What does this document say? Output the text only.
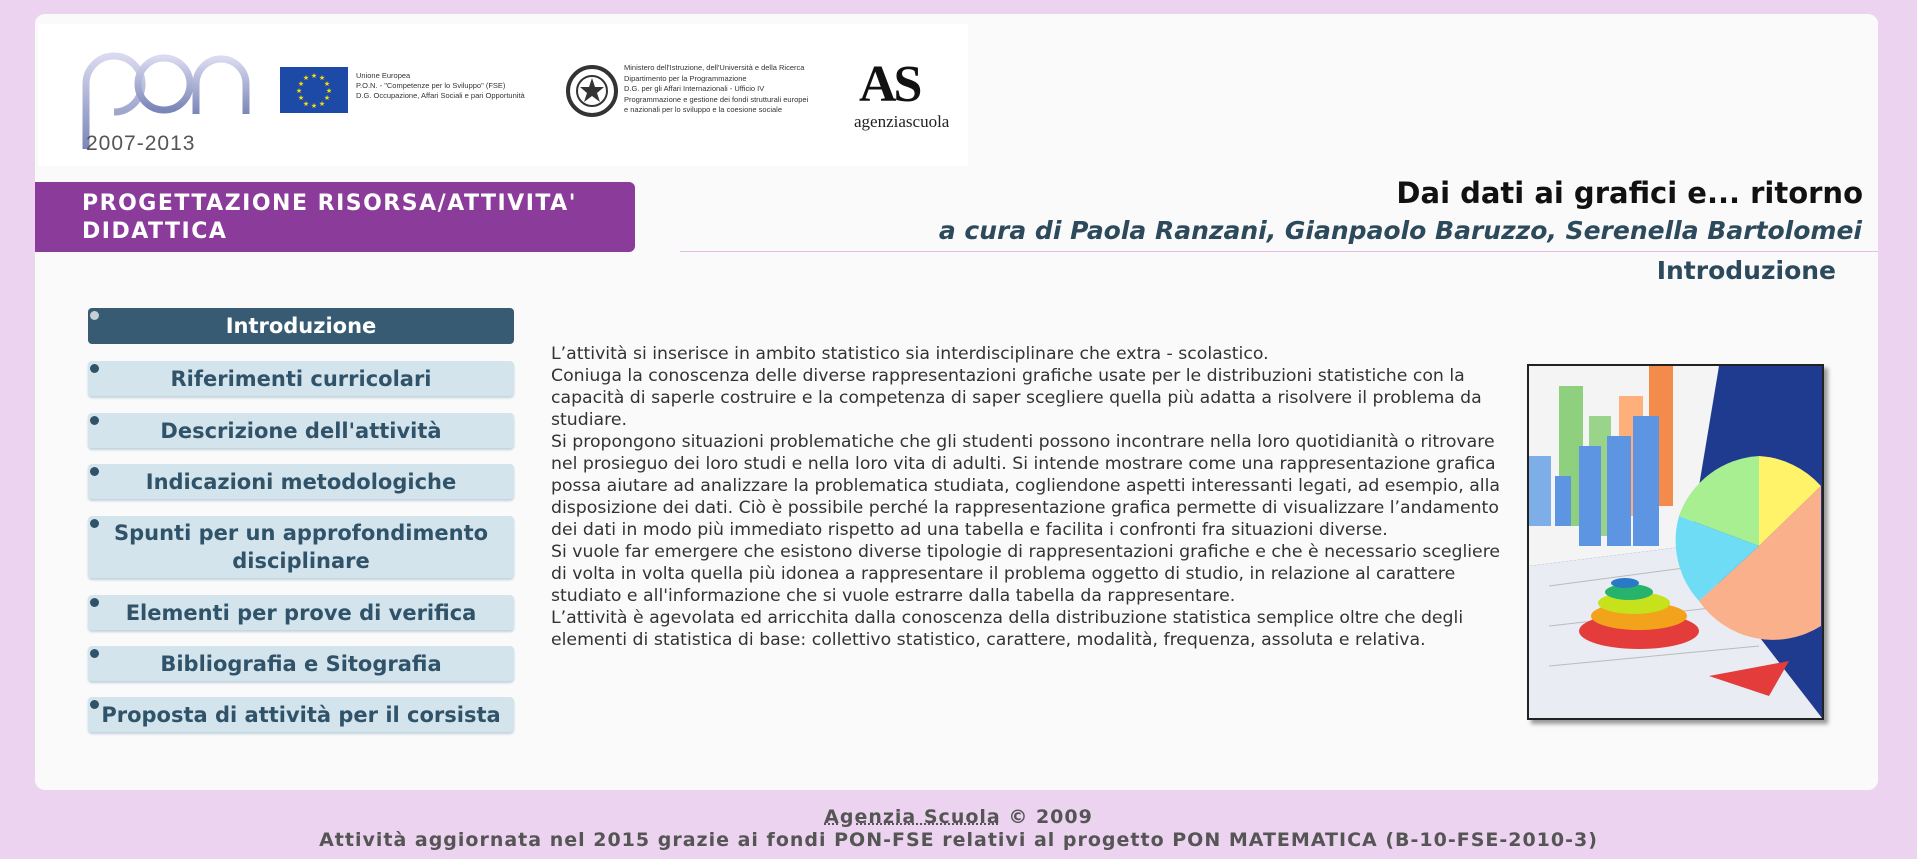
2007-2013
★ ★
★
★
★
★
★
★
★
★
★
★	Unione Europea
P.O.N. - "Competenze per lo Sviluppo" (FSE)
D.G. Occupazione, Affari Sociali e pari Opportunità
Ministero dell'Istruzione, dell'Università e della Ricerca
Dipartimento per la Programmazione
D.G. per gli Affari Internazionali - Ufficio IV
Programmazione e gestione dei fondi strutturali europei
e nazionali per lo sviluppo e la coesione sociale	AS
agenziascuola
PROGETTAZIONE RISORSA/ATTIVITA' DIDATTICA
Dai dati ai grafici e... ritorno
a cura di Paola Ranzani, Gianpaolo Baruzzo, Serenella Bartolomei
Introduzione
Introduzione
Riferimenti curricolari
Descrizione dell'attività
Indicazioni metodologiche
Spunti per un approfondimento disciplinare
Elementi per prove di verifica
Bibliografia e Sitografia
Proposta di attività per il corsista

L’attività si inserisce in ambito statistico sia interdisciplinare che extra - scolastico.

Coniuga la conoscenza delle diverse rappresentazioni grafiche usate per le distribuzioni statistiche con la capacità di saperle costruire e la competenza di saper scegliere quella più adatta a risolvere il problema da studiare.

Si propongono situazioni problematiche che gli studenti possono incontrare nella loro quotidianità o ritrovare nel prosieguo dei loro studi e nella loro vita di adulti. Si intende mostrare come una rappresentazione grafica possa aiutare ad analizzare la problematica studiata, cogliendone aspetti interessanti legati, ad esempio, alla disposizione dei dati. Ciò è possibile perché la rappresentazione grafica permette di visualizzare l’andamento dei dati in modo più immediato rispetto ad una tabella e facilita i confronti fra situazioni diverse.

Si vuole far emergere che esistono diverse tipologie di rappresentazioni grafiche e che è necessario scegliere di volta in volta quella più idonea a rappresentare il problema oggetto di studio, in relazione al carattere studiato e all'informazione che si vuole estrarre dalla tabella da rappresentare.

L’attività è agevolata ed arricchita dalla conoscenza della distribuzione statistica semplice oltre che degli elementi di statistica di base: collettivo statistico, carattere, modalità, frequenza, assoluta e relativa.

Agenzia Scuola © 2009
Attività aggiornata nel 2015 grazie ai fondi PON-FSE relativi al progetto PON MATEMATICA (B-10-FSE-2010-3)
